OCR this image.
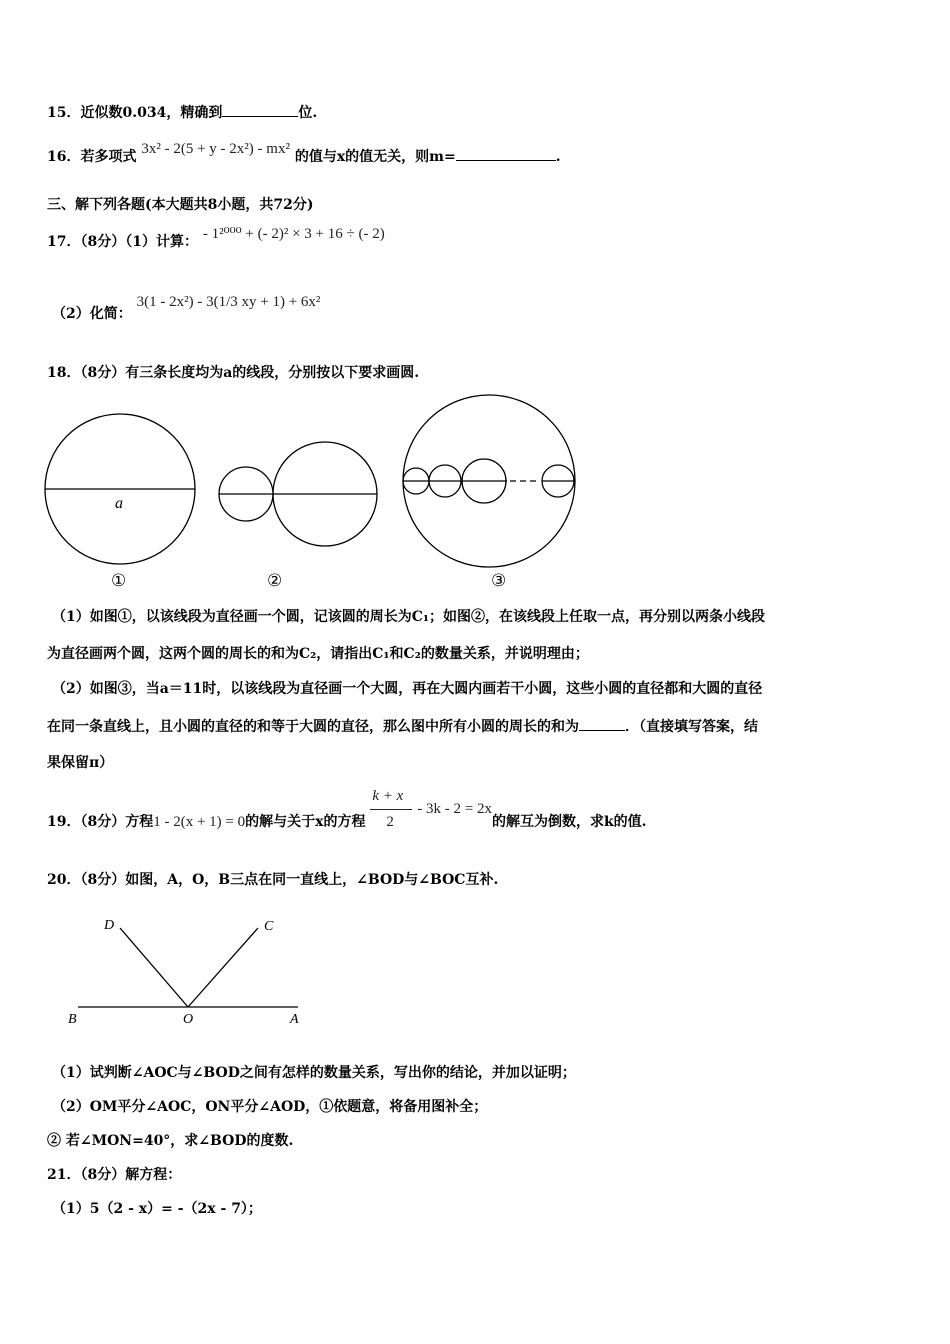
15．近似数0.034，精确到	位.
16．若多项式 3x² - 2(5 + y - 2x²) - mx² 的值与x的值无关，则m=	.
三、解下列各题(本大题共8小题，共72分)
17．（8分）（1）计算： - 1²⁰⁰⁰ + (- 2)² × 3 + 16 ÷ (- 2)
（2）化简： 3(1 - 2x²) - 3(1/3 xy + 1) + 6x²
18．（8分）有三条长度均为a的线段，分别按以下要求画圆.
a
①	②	③
（1）如图①，以该线段为直径画一个圆，记该圆的周长为C₁；如图②，在该线段上任取一点，再分别以两条小线段
为直径画两个圆，这两个圆的周长的和为C₂，请指出C₁和C₂的数量关系，并说明理由；
（2）如图③，当a＝11时，以该线段为直径画一个大圆，再在大圆内画若干小圆，这些小圆的直径都和大圆的直径
在同一条直线上，且小圆的直径的和等于大圆的直径，那么图中所有小圆的周长的和为	．（直接填写答案，结
果保留π）
19．（8分）方程1 - 2(x + 1) = 0的解与关于x的方程 $\frac{k + x}{2}$
- 3k - 2 = 2x的解互为倒数，求k的值.
20．（8分）如图，A，O，B三点在同一直线上，∠BOD与∠BOC互补.
D	C
B	O	A
（1）试判断∠AOC与∠BOD之间有怎样的数量关系，写出你的结论，并加以证明；
（2）OM平分∠AOC，ON平分∠AOD，①依题意，将备用图补全；
② 若∠MON=40°，求∠BOD的度数.
21．（8分）解方程：
（1）5（2 - x）= -（2x - 7）；
